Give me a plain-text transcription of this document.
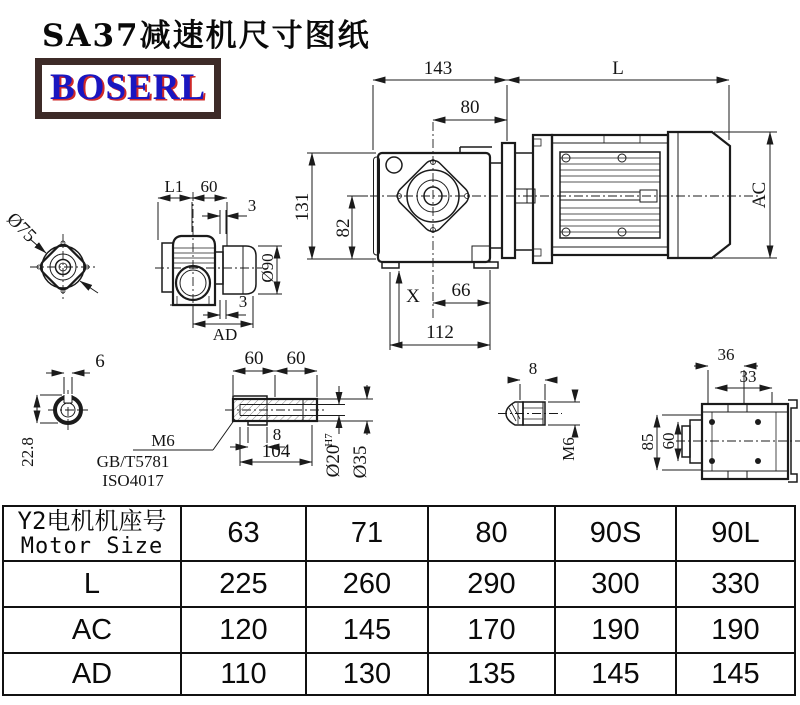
SA37减速机尺寸图纸
BOSERL	143	L
80
131
82
AC
X 66
112
Ø75
L1 60
3
Ø90
3
AD
6
22.8
60 60
M6
GB/T5781
ISO4017
8
104 Ø20
H7
Ø35
8
M6
36
33
85 60
Y2电机机座号
Motor Size	63	71	80	90S	90L
L	225	260	290	300	330
AC	120	145	170	190	190
AD	110	130	135	145	145
